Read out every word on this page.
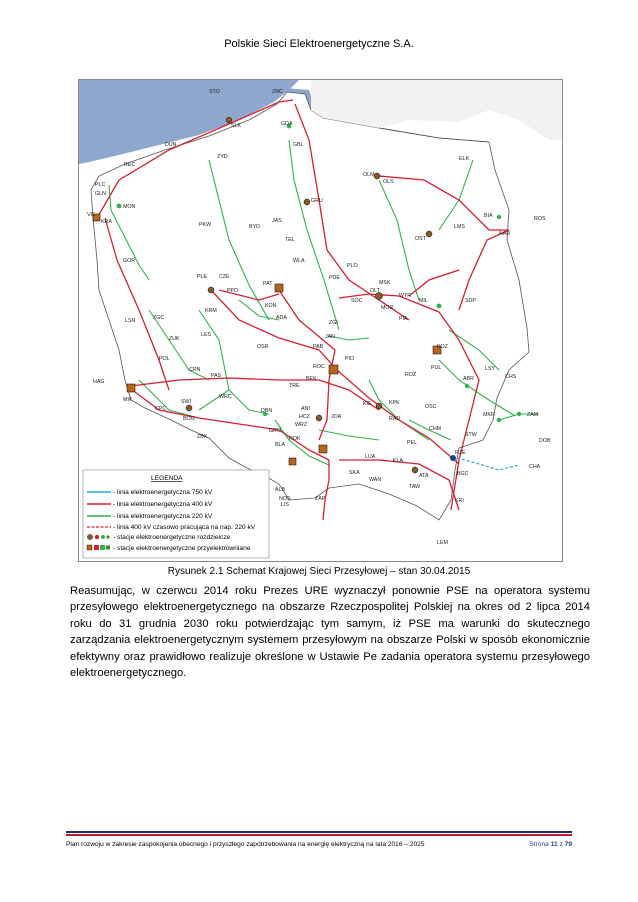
Polskie Sieci Elektroenergetyczne S.A.
STO	ZRC
SLK	GDA
DUN	GBL
ZYD
REC
PLC
GLN
MON
VIE
KRA
OLM
OLS
ELK
GRU
PKW	BYD
JAS
TEL
BIA	ROS
OST
LMS
NAR
GOR	WLA
PLO
PLE CZE
PPD
PAT
PDE
MSK
OLT
WTR
MIL
SOC
MOR
PIA
SDP
KON
ADA
KRM
LSN	ZGC
ZGI
JAN
PAB
ZUK
LES
OSR	KOZ
POL	PIO
ROC	PUL	LSY
CRN
PAS
HAG	BEK
ROZ
ABR	CHS
TRE
MIK	SWI
WRC
KIE	KPK
CPC
BOG
DBN	ANI
HCZ	JOA	RAD
OSC
MKR	ZAM
WRZ
CHM
STW
ZBK
GRO
ROK
PEL	DOB
BLA
LUA
RZE
KLA
CHA
SKA
WAN
ATA	BGC
TAW
ALB
NOS
LIS
ZAP	KRI
LEM
LEGENDA
- linia elektroenergetyczna 750 kV
- linia elektroenergetyczna 400 kV
- linia elektroenergetyczna 220 kV
- linia 400 kV czasowo pracująca na nap. 220 kV
- stacje elektroenergetyczne rozdzielcze
- stacje elektroenergetyczne przyelektrowniane
Rysunek 2.1 Schemat Krajowej Sieci Przesyłowej – stan 30.04.2015
Reasumując, w czerwcu 2014 roku Prezes URE wyznaczył ponownie PSE na operatora systemu przesyłowego elektroenergetycznego na obszarze Rzeczpospolitej Polskiej na okres od 2 lipca 2014 roku do 31 grudnia 2030 roku potwierdzając tym samym, iż PSE ma warunki do skutecznego zarządzania elektroenergetycznym systemem przesyłowym na obszarze Polski w sposób ekonomicznie efektywny oraz prawidłowo realizuje określone w Ustawie Pe zadania operatora systemu przesyłowego elektroenergetycznego.
Plan rozwoju w zakresie zaspokojenia obecnego i przyszłego zapotrzebowania na energię elektryczną na lata 2016 – 2025	Strona 11 z 79
